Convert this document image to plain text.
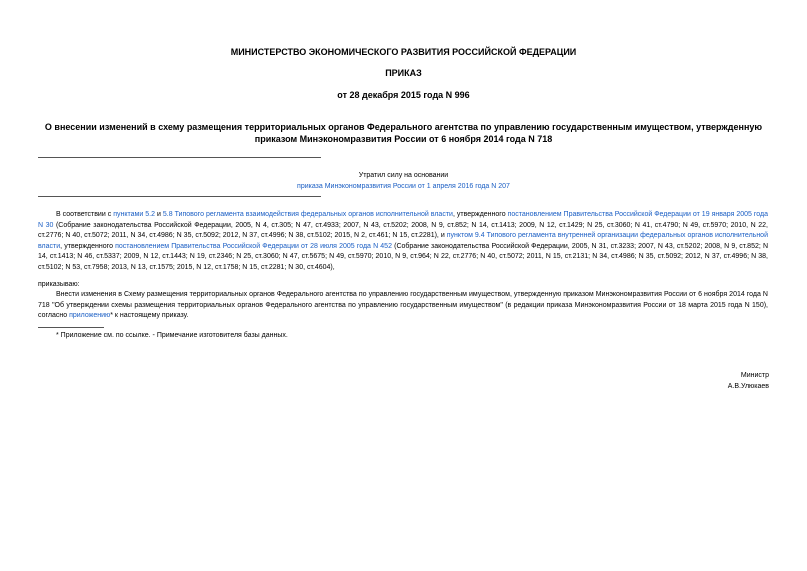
МИНИСТЕРСТВО ЭКОНОМИЧЕСКОГО РАЗВИТИЯ РОССИЙСКОЙ ФЕДЕРАЦИИ
ПРИКАЗ
от 28 декабря 2015 года N 996
О внесении изменений в схему размещения территориальных органов Федерального агентства по управлению государственным имуществом, утвержденную приказом Минэкономразвития России от 6 ноября 2014 года N 718
Утратил силу на основании
приказа Минэкономразвития России от 1 апреля 2016 года N 207
В соответствии с пунктами 5.2 и 5.8 Типового регламента взаимодействия федеральных органов исполнительной власти, утвержденного постановлением Правительства Российской Федерации от 19 января 2005 года N 30 (Собрание законодательства Российской Федерации, 2005, N 4, ст.305; N 47, ст.4933; 2007, N 43, ст.5202; 2008, N 9, ст.852; N 14, ст.1413; 2009, N 12, ст.1429; N 25, ст.3060; N 41, ст.4790; N 49, ст.5970; 2010, N 22, ст.2776; N 40, ст.5072; 2011, N 34, ст.4986; N 35, ст.5092; 2012, N 37, ст.4996; N 38, ст.5102; 2015, N 2, ст.461; N 15, ст.2281), и пунктом 9.4 Типового регламента внутренней организации федеральных органов исполнительной власти, утвержденного постановлением Правительства Российской Федерации от 28 июля 2005 года N 452 (Собрание законодательства Российской Федерации, 2005, N 31, ст.3233; 2007, N 43, ст.5202; 2008, N 9, ст.852; N 14, ст.1413; N 46, ст.5337; 2009, N 12, ст.1443; N 19, ст.2346; N 25, ст.3060; N 47, ст.5675; N 49, ст.5970; 2010, N 9, ст.964; N 22, ст.2776; N 40, ст.5072; 2011, N 15, ст.2131; N 34, ст.4986; N 35, ст.5092; 2012, N 37, ст.4996; N 38, ст.5102; N 53, ст.7958; 2013, N 13, ст.1575; 2015, N 12, ст.1758; N 15, ст.2281; N 30, ст.4604),
приказываю:
Внести изменения в Схему размещения территориальных органов Федерального агентства по управлению государственным имуществом, утвержденную приказом Минэкономразвития России от 6 ноября 2014 года N 718 "Об утверждении схемы размещения территориальных органов Федерального агентства по управлению государственным имуществом" (в редакции приказа Минэкономразвития России от 18 марта 2015 года N 150), согласно приложению* к настоящему приказу.
* Приложение см. по ссылке. - Примечание изготовителя базы данных.
Министр
А.В.Улюкаев
